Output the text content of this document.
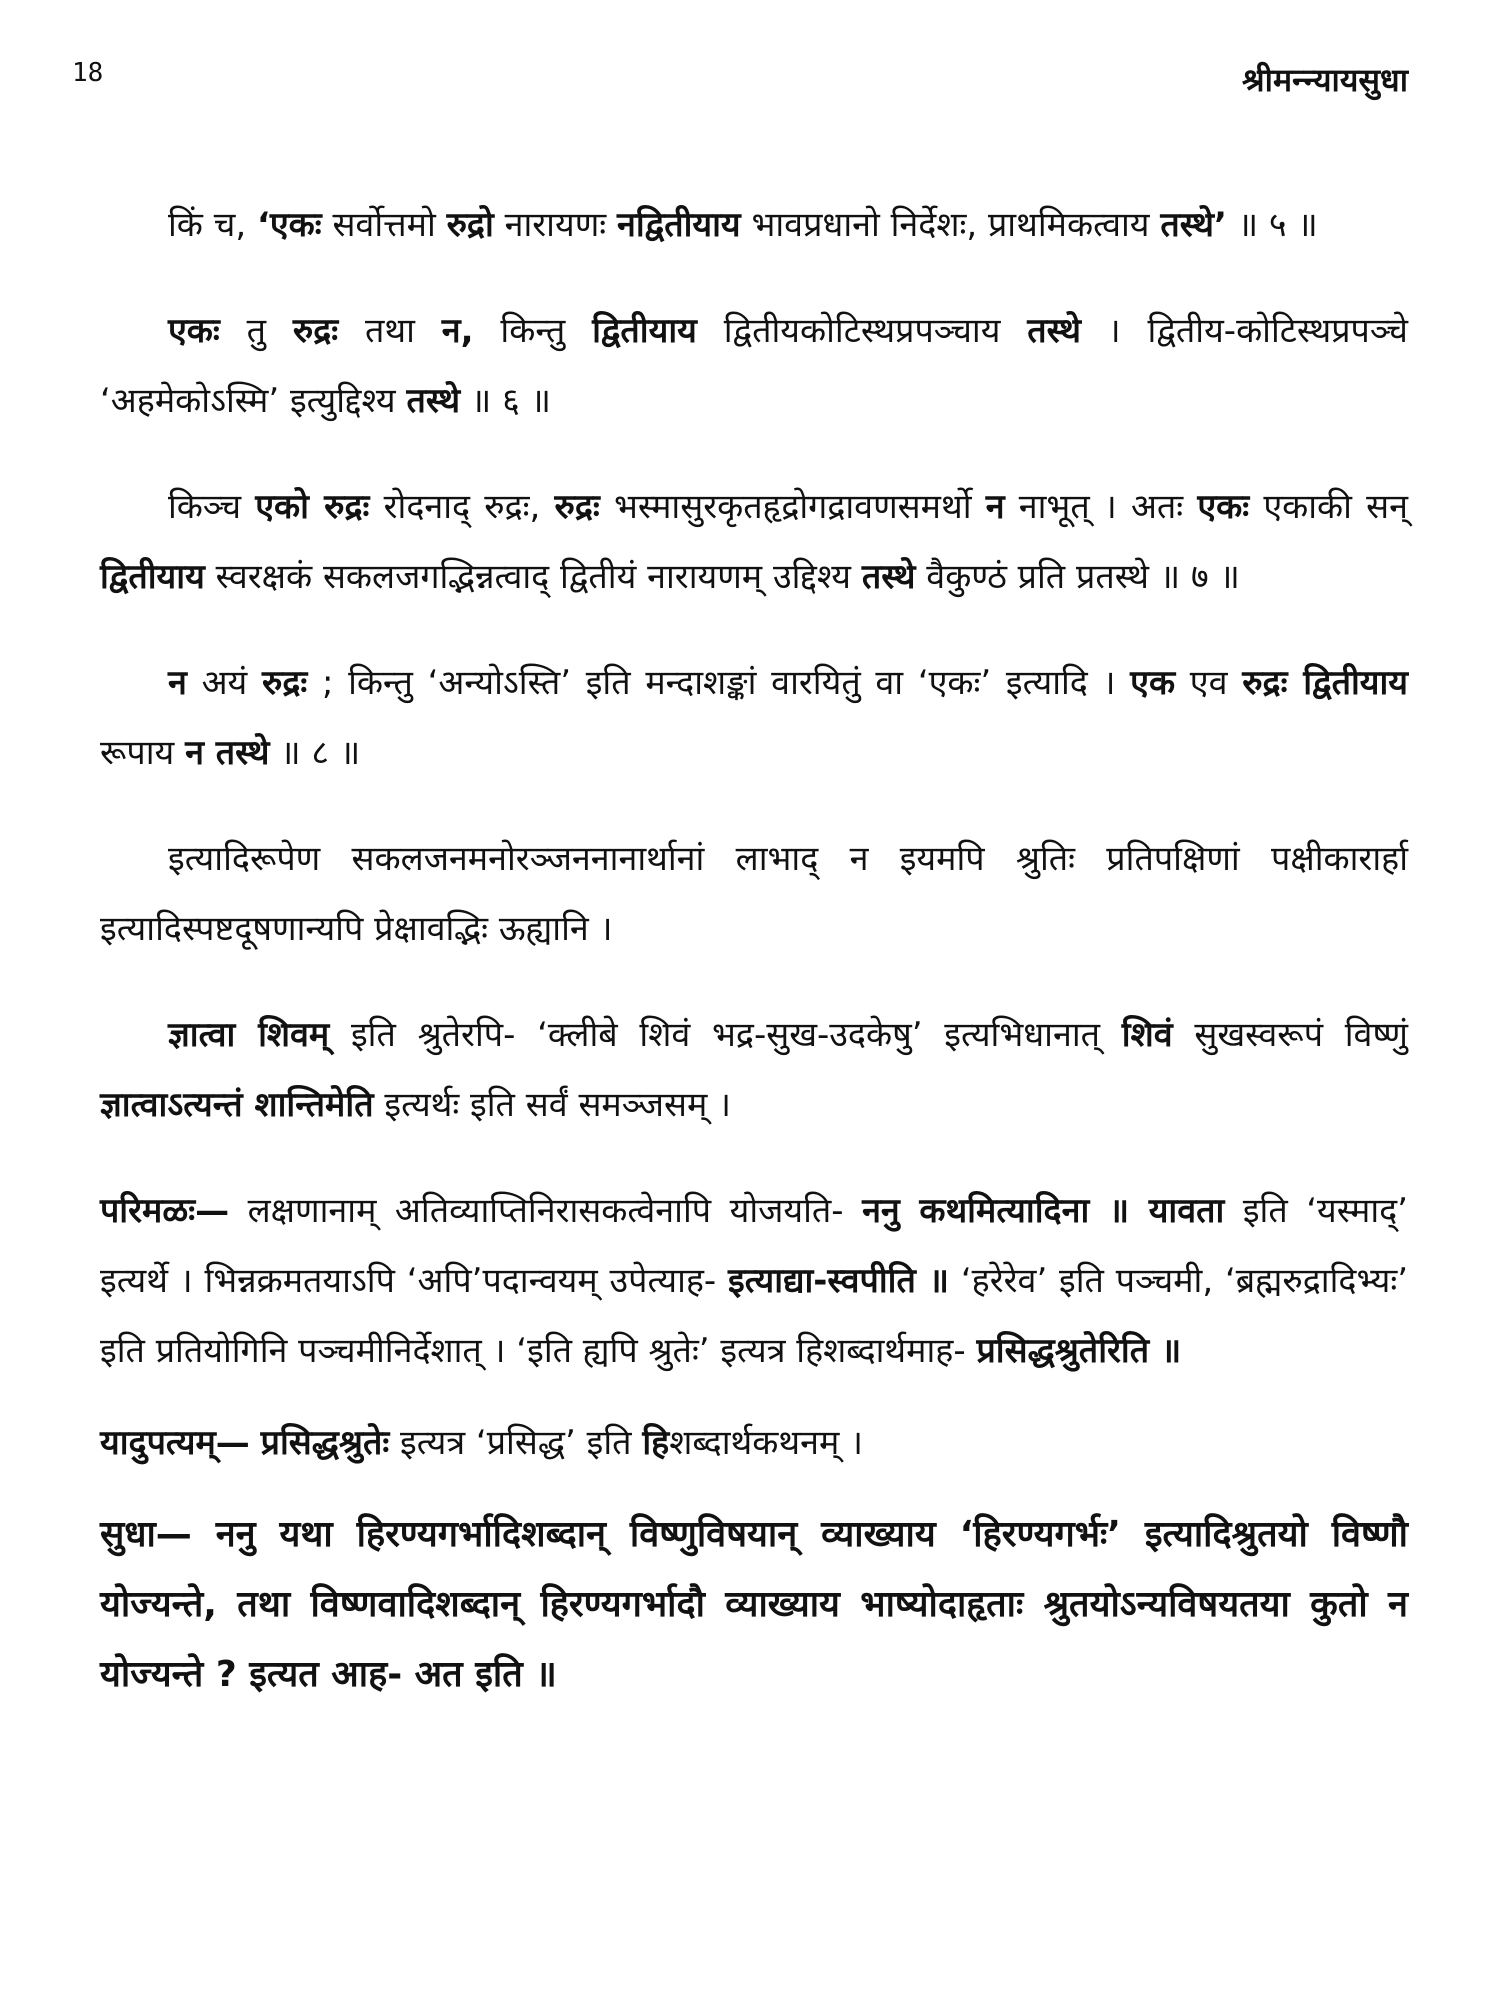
18	श्रीमन्न्यायसुधा

किं च, ‘एकः सर्वोत्तमो रुद्रो नारायणः नद्वितीयाय भावप्रधानो निर्देशः, प्राथमिकत्वाय तस्थे’ ॥ ५ ॥

एकः तु रुद्रः तथा न, किन्तु द्वितीयाय द्वितीयकोटिस्थप्रपञ्चाय तस्थे । द्वितीय-कोटिस्थप्रपञ्चे ‘अहमेकोऽस्मि’ इत्युद्दिश्य तस्थे ॥ ६ ॥

किञ्च एको रुद्रः रोदनाद् रुद्रः, रुद्रः भस्मासुरकृतहृद्रोगद्रावणसमर्थो न नाभूत् । अतः एकः एकाकी सन् द्वितीयाय स्वरक्षकं सकलजगद्भिन्नत्वाद् द्वितीयं नारायणम् उद्दिश्य तस्थे वैकुण्ठं प्रति प्रतस्थे ॥ ७ ॥

न अयं रुद्रः ; किन्तु ‘अन्योऽस्ति’ इति मन्दाशङ्कां वारयितुं वा ‘एकः’ इत्यादि । एक एव रुद्रः द्वितीयाय रूपाय न तस्थे ॥ ८ ॥

इत्यादिरूपेण सकलजनमनोरञ्जननानार्थानां लाभाद् न इयमपि श्रुतिः प्रतिपक्षिणां पक्षीकारार्हा इत्यादिस्पष्टदूषणान्यपि प्रेक्षावद्भिः ऊह्यानि ।

ज्ञात्वा शिवम् इति श्रुतेरपि- ‘क्लीबे शिवं भद्र-सुख-उदकेषु’ इत्यभिधानात् शिवं सुखस्वरूपं विष्णुं ज्ञात्वाऽत्यन्तं शान्तिमेति इत्यर्थः इति सर्वं समञ्जसम् ।

परिमळः— लक्षणानाम् अतिव्याप्तिनिरासकत्वेनापि योजयति- ननु कथमित्यादिना ॥ यावता इति ‘यस्माद्’ इत्यर्थे । भिन्नक्रमतयाऽपि ‘अपि’पदान्वयम् उपेत्याह- इत्याद्या-स्वपीति ॥ ‘हरेरेव’ इति पञ्चमी, ‘ब्रह्मरुद्रादिभ्यः’ इति प्रतियोगिनि पञ्चमीनिर्देशात् । ‘इति ह्यपि श्रुतेः’ इत्यत्र हिशब्दार्थमाह- प्रसिद्धश्रुतेरिति ॥

यादुपत्यम्— प्रसिद्धश्रुतेः इत्यत्र ‘प्रसिद्ध’ इति हिशब्दार्थकथनम् ।

सुधा— ननु यथा हिरण्यगर्भादिशब्दान् विष्णुविषयान् व्याख्याय ‘हिरण्यगर्भः’ इत्यादिश्रुतयो विष्णौ योज्यन्ते, तथा विष्णवादिशब्दान् हिरण्यगर्भादौ व्याख्याय भाष्योदाहृताः श्रुतयोऽन्यविषयतया कुतो न योज्यन्ते ? इत्यत आह- अत इति ॥
